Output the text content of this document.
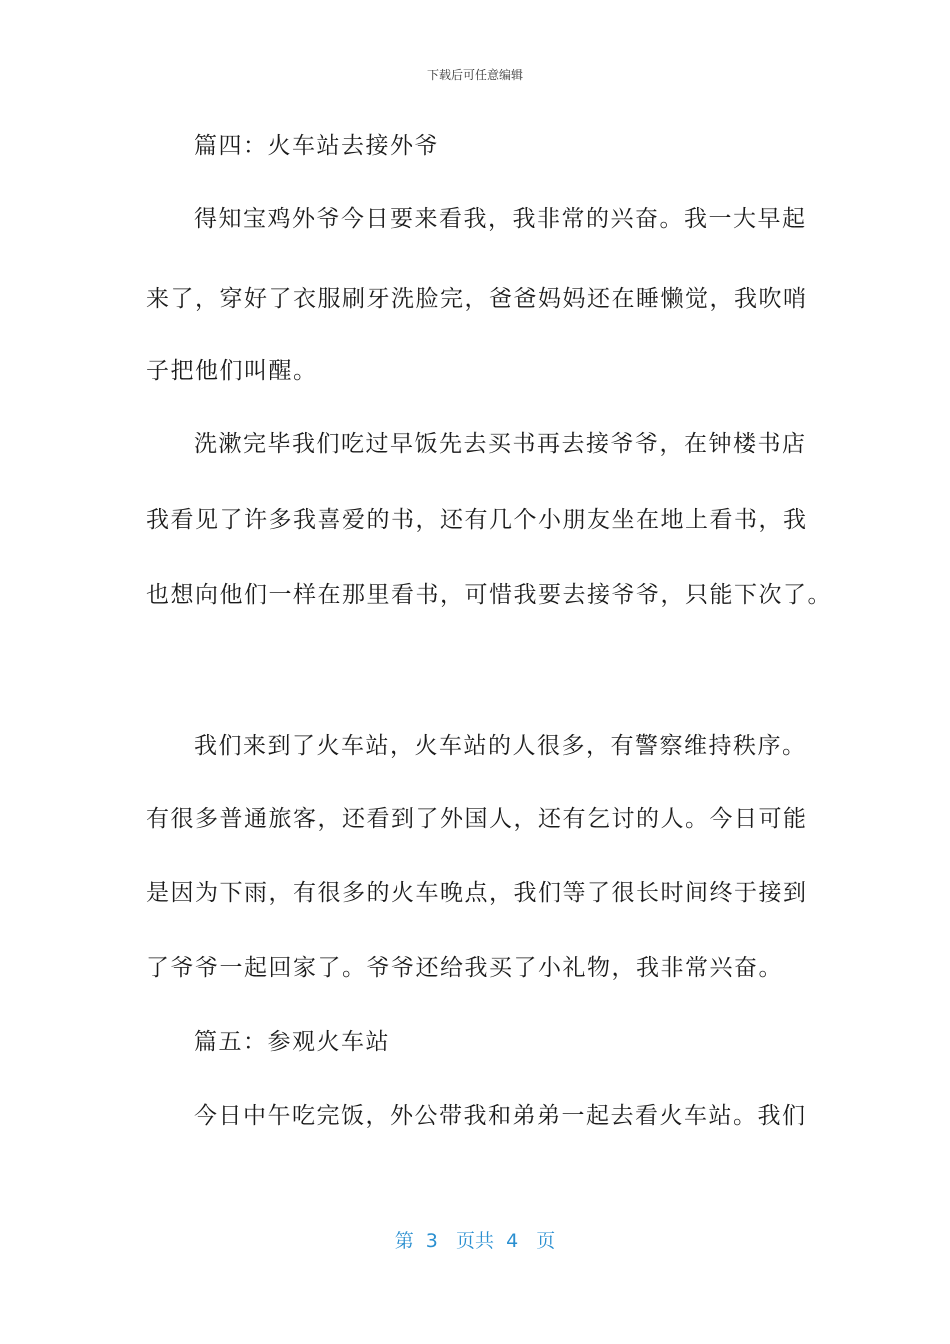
下载后可任意编辑
篇四：火车站去接外爷
得知宝鸡外爷今日要来看我，我非常的兴奋。我一大早起
来了，穿好了衣服刷牙洗脸完，爸爸妈妈还在睡懒觉，我吹哨
子把他们叫醒。
洗漱完毕我们吃过早饭先去买书再去接爷爷，在钟楼书店
我看见了许多我喜爱的书，还有几个小朋友坐在地上看书，我
也想向他们一样在那里看书，可惜我要去接爷爷，只能下次了。
我们来到了火车站，火车站的人很多，有警察维持秩序。
有很多普通旅客，还看到了外国人，还有乞讨的人。今日可能
是因为下雨，有很多的火车晚点，我们等了很长时间终于接到
了爷爷一起回家了。爷爷还给我买了小礼物，我非常兴奋。
篇五：参观火车站
今日中午吃完饭，外公带我和弟弟一起去看火车站。我们
第  3   页共  4   页
